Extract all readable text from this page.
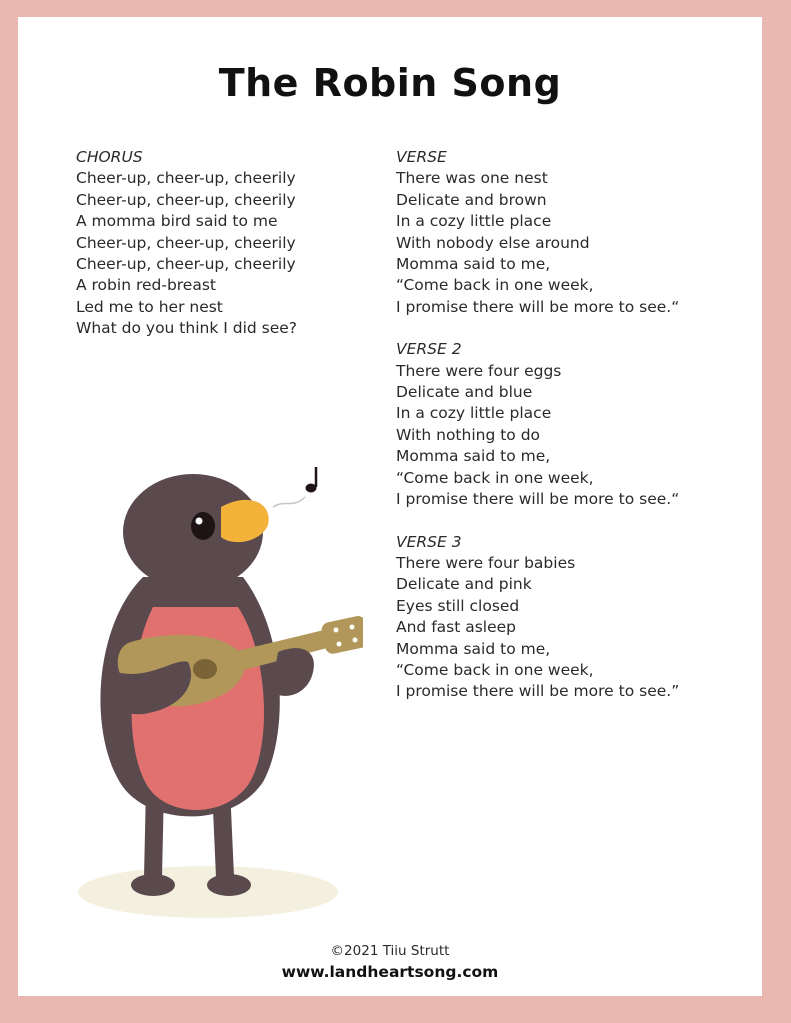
The Robin Song
CHORUS
Cheer-up, cheer-up, cheerily
Cheer-up, cheer-up, cheerily
A momma bird said to me
Cheer-up, cheer-up, cheerily
Cheer-up, cheer-up, cheerily
A robin red-breast
Led me to her nest
What do you think I did see?
VERSE
There was one nest
Delicate and brown
In a cozy little place
With nobody else around
Momma said to me,
“Come back in one week,
I promise there will be more to see.“
VERSE 2
There were four eggs
Delicate and blue
In a cozy little place
With nothing to do
Momma said to me,
“Come back in one week,
I promise there will be more to see.“
VERSE 3
There were four babies
Delicate and pink
Eyes still closed
And fast asleep
Momma said to me,
“Come back in one week,
I promise there will be more to see.”
©2021 Tiiu Strutt
www.landheartsong.com
